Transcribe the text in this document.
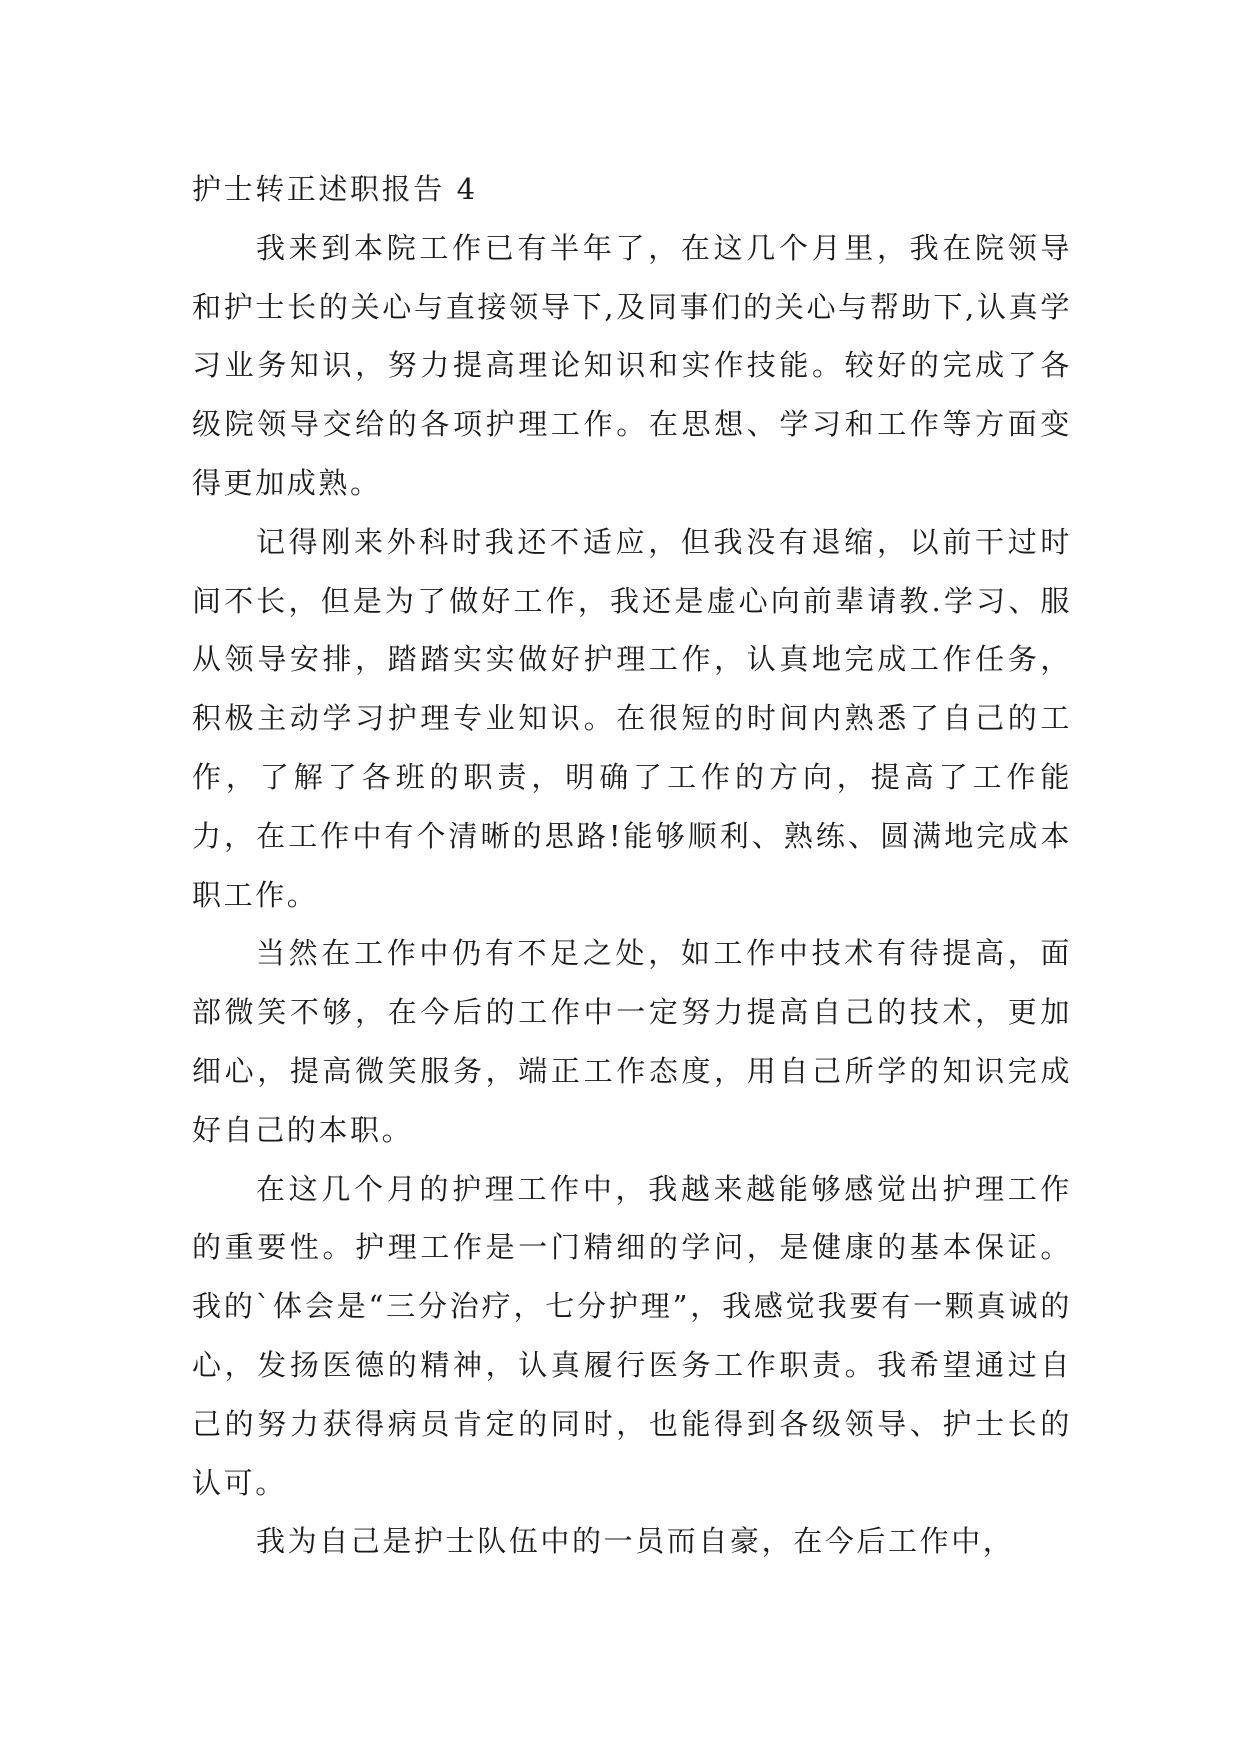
护士转正述职报告 4

我来到本院工作已有半年了，在这几个月里，我在院领导和护士长的关心与直接领导下,及同事们的关心与帮助下,认真学习业务知识，努力提高理论知识和实作技能。较好的完成了各级院领导交给的各项护理工作。在思想、学习和工作等方面变得更加成熟。

记得刚来外科时我还不适应，但我没有退缩，以前干过时间不长，但是为了做好工作，我还是虚心向前辈请教.学习、服从领导安排，踏踏实实做好护理工作，认真地完成工作任务，积极主动学习护理专业知识。在很短的时间内熟悉了自己的工作，了解了各班的职责，明确了工作的方向，提高了工作能力，在工作中有个清晰的思路!能够顺利、熟练、圆满地完成本职工作。

当然在工作中仍有不足之处，如工作中技术有待提高，面部微笑不够，在今后的工作中一定努力提高自己的技术，更加细心，提高微笑服务，端正工作态度，用自己所学的知识完成好自己的本职。

在这几个月的护理工作中，我越来越能够感觉出护理工作的重要性。护理工作是一门精细的学问，是健康的基本保证。我的`体会是“三分治疗，七分护理”，我感觉我要有一颗真诚的心，发扬医德的精神，认真履行医务工作职责。我希望通过自己的努力获得病员肯定的同时，也能得到各级领导、护士长的认可。

我为自己是护士队伍中的一员而自豪，在今后工作中，
